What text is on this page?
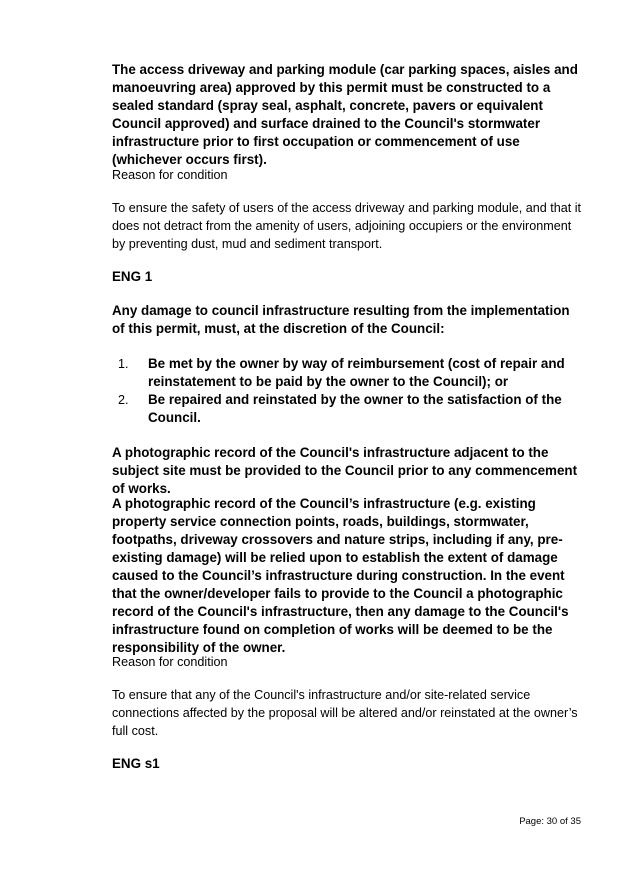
The access driveway and parking module (car parking spaces, aisles and manoeuvring area) approved by this permit must be constructed to a sealed standard (spray seal, asphalt, concrete, pavers or equivalent Council approved) and surface drained to the Council's stormwater infrastructure prior to first occupation or commencement of use (whichever occurs first).

Reason for condition

To ensure the safety of users of the access driveway and parking module, and that it does not detract from the amenity of users, adjoining occupiers or the environment by preventing dust, mud and sediment transport.

ENG 1

Any damage to council infrastructure resulting from the implementation of this permit, must, at the discretion of the Council:

1. Be met by the owner by way of reimbursement (cost of repair and reinstatement to be paid by the owner to the Council); or
2. Be repaired and reinstated by the owner to the satisfaction of the Council.

A photographic record of the Council's infrastructure adjacent to the subject site must be provided to the Council prior to any commencement of works.

A photographic record of the Council’s infrastructure (e.g. existing property service connection points, roads, buildings, stormwater, footpaths, driveway crossovers and nature strips, including if any, pre-existing damage) will be relied upon to establish the extent of damage caused to the Council’s infrastructure during construction. In the event that the owner/developer fails to provide to the Council a photographic record of the Council's infrastructure, then any damage to the Council's infrastructure found on completion of works will be deemed to be the responsibility of the owner.

Reason for condition

To ensure that any of the Council's infrastructure and/or site-related service connections affected by the proposal will be altered and/or reinstated at the owner’s full cost.

ENG s1

Page: 30 of 35
